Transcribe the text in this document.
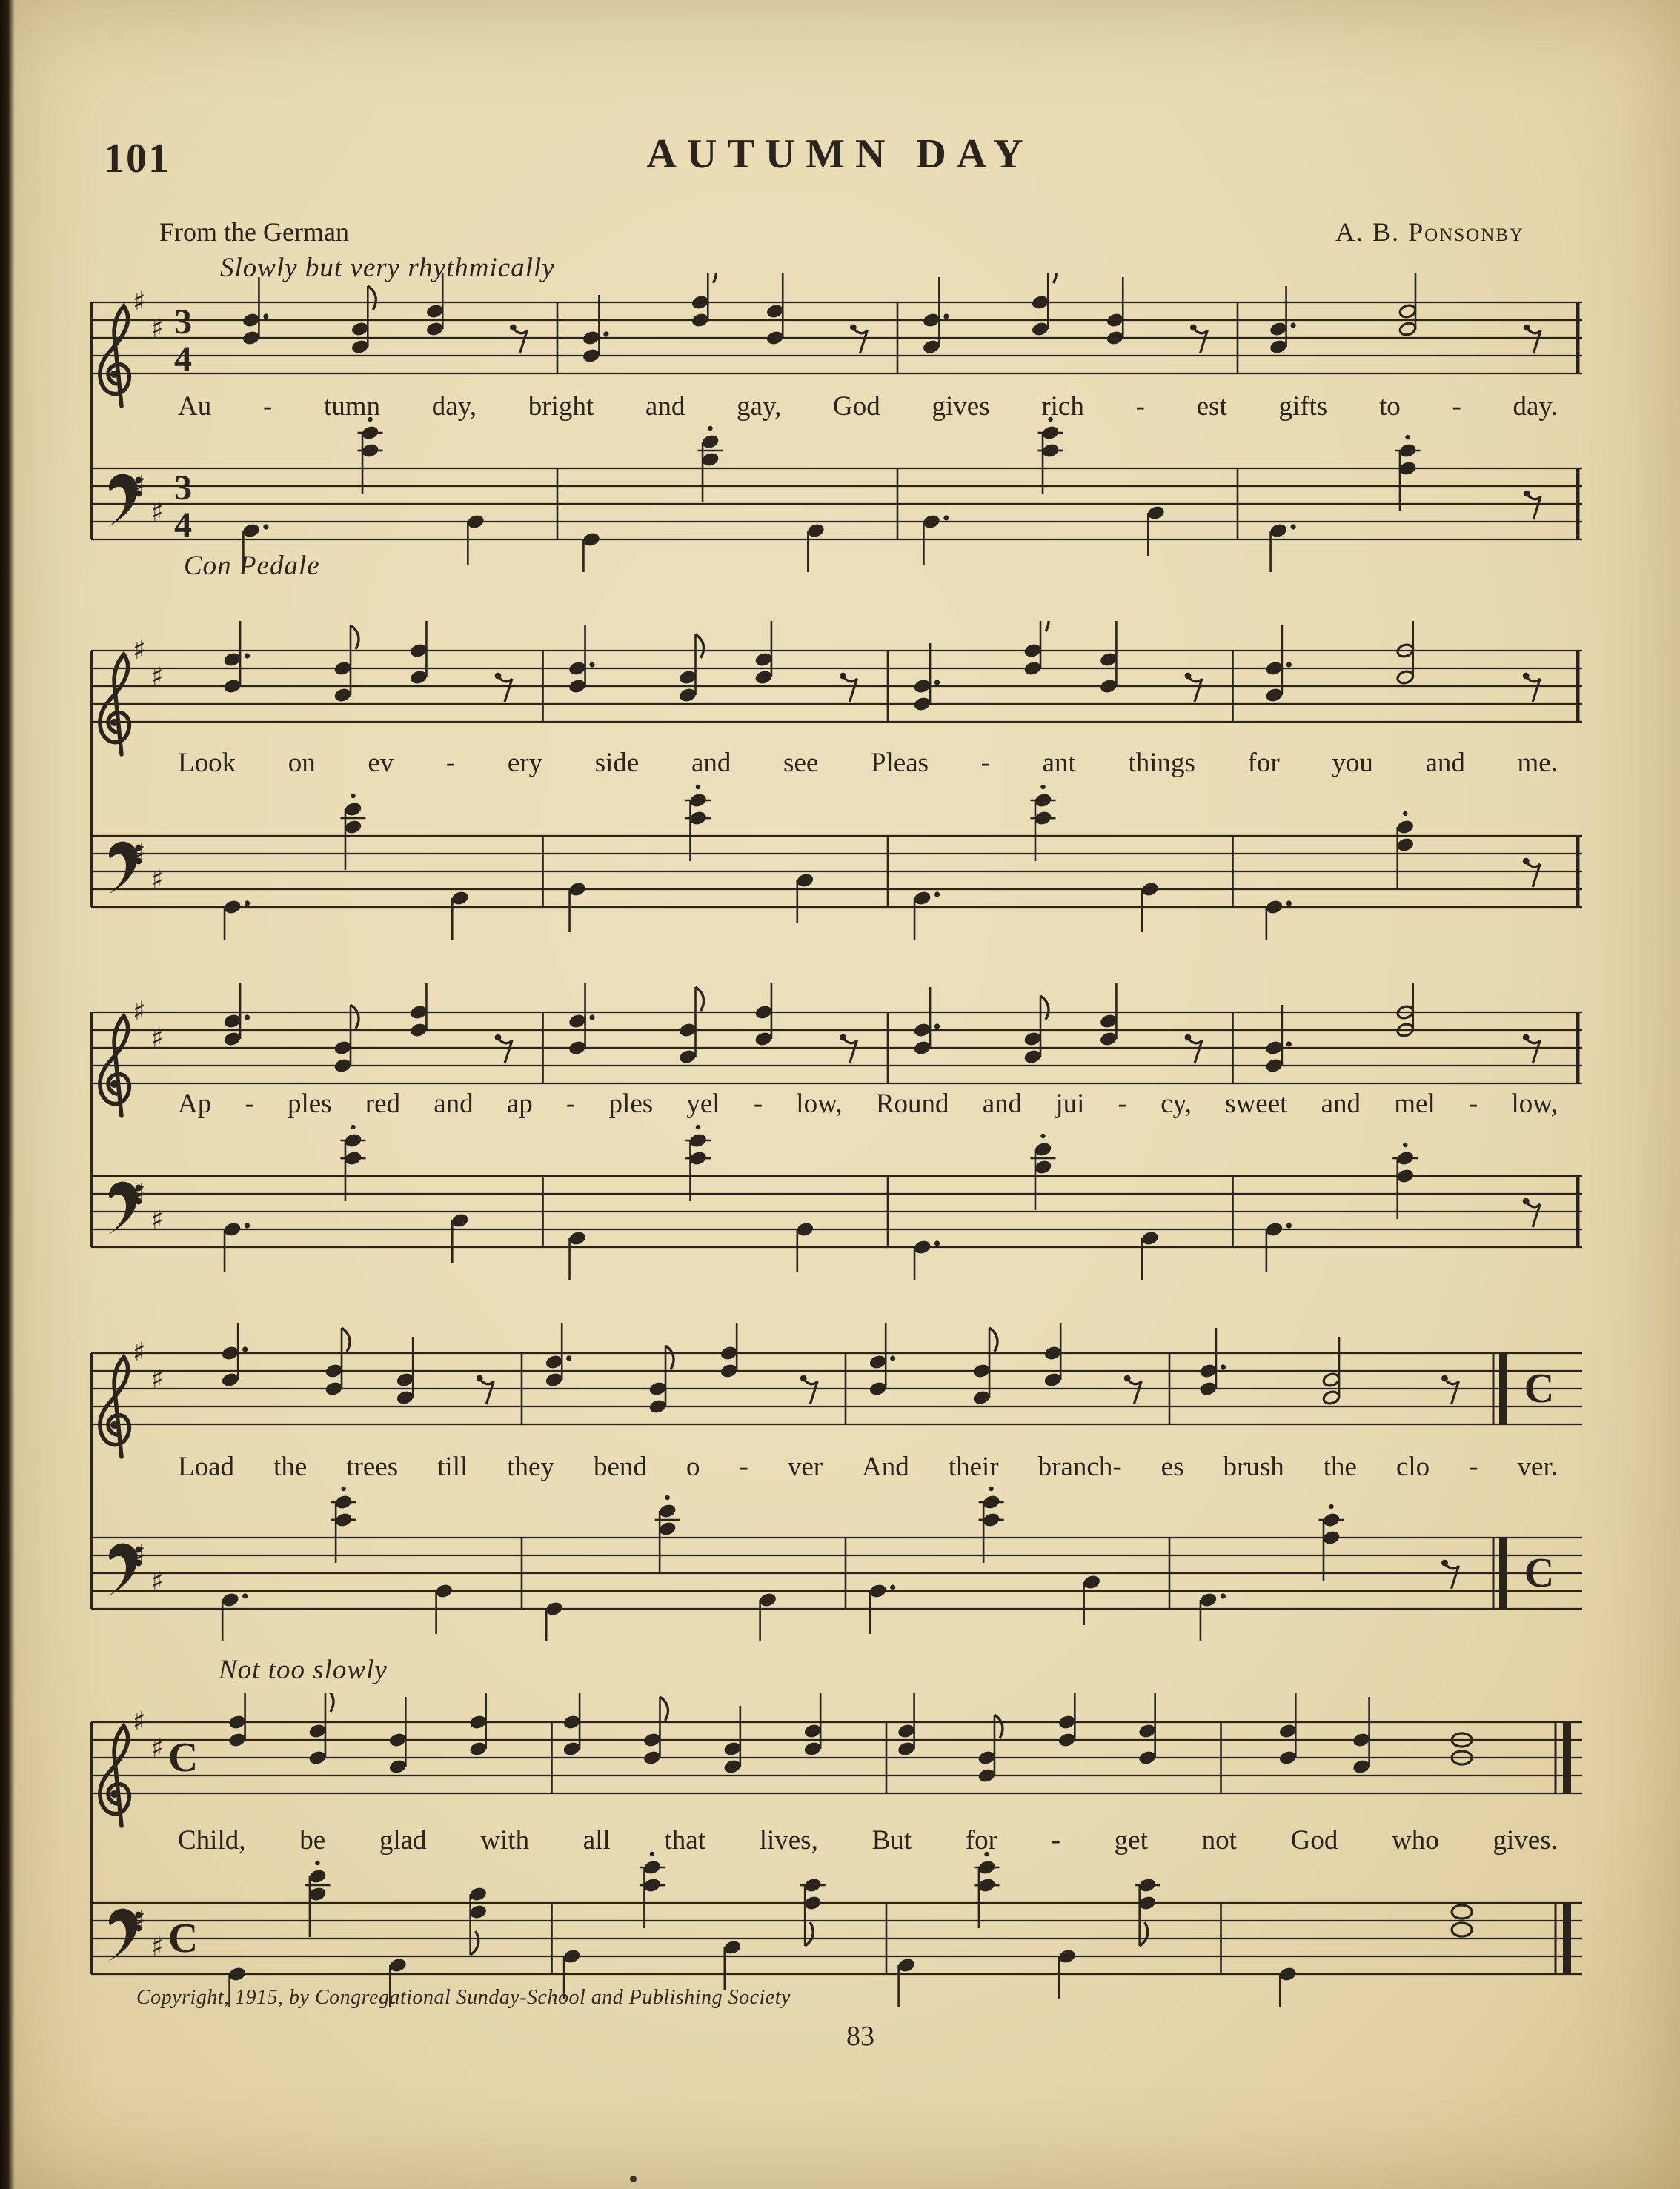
101	AUTUMN DAY
From the German	A. B. Ponsonby
Slowly but very rhythmically
Con Pedale
Not too slowly
♯
♯
♯
♯
3
4
3
4
♯
♯
♯
♯
♯
♯
♯
♯
♯
♯
♯
♯
C
C
♯
♯
♯
♯
C
C
Copyright, 1915, by Congregational Sunday-School and Publishing Society
83
Au - tumn day, bright and gay, God gives rich - est gifts to - day.
Look on ev - ery side and see Pleas - ant things for you and me.
Ap - ples red and ap - ples yel - low, Round and jui - cy, sweet and mel - low,
Load the trees till they bend o - ver And their branch- es brush the clo - ver.
Child, be glad with all that lives, But for - get not God who gives.
